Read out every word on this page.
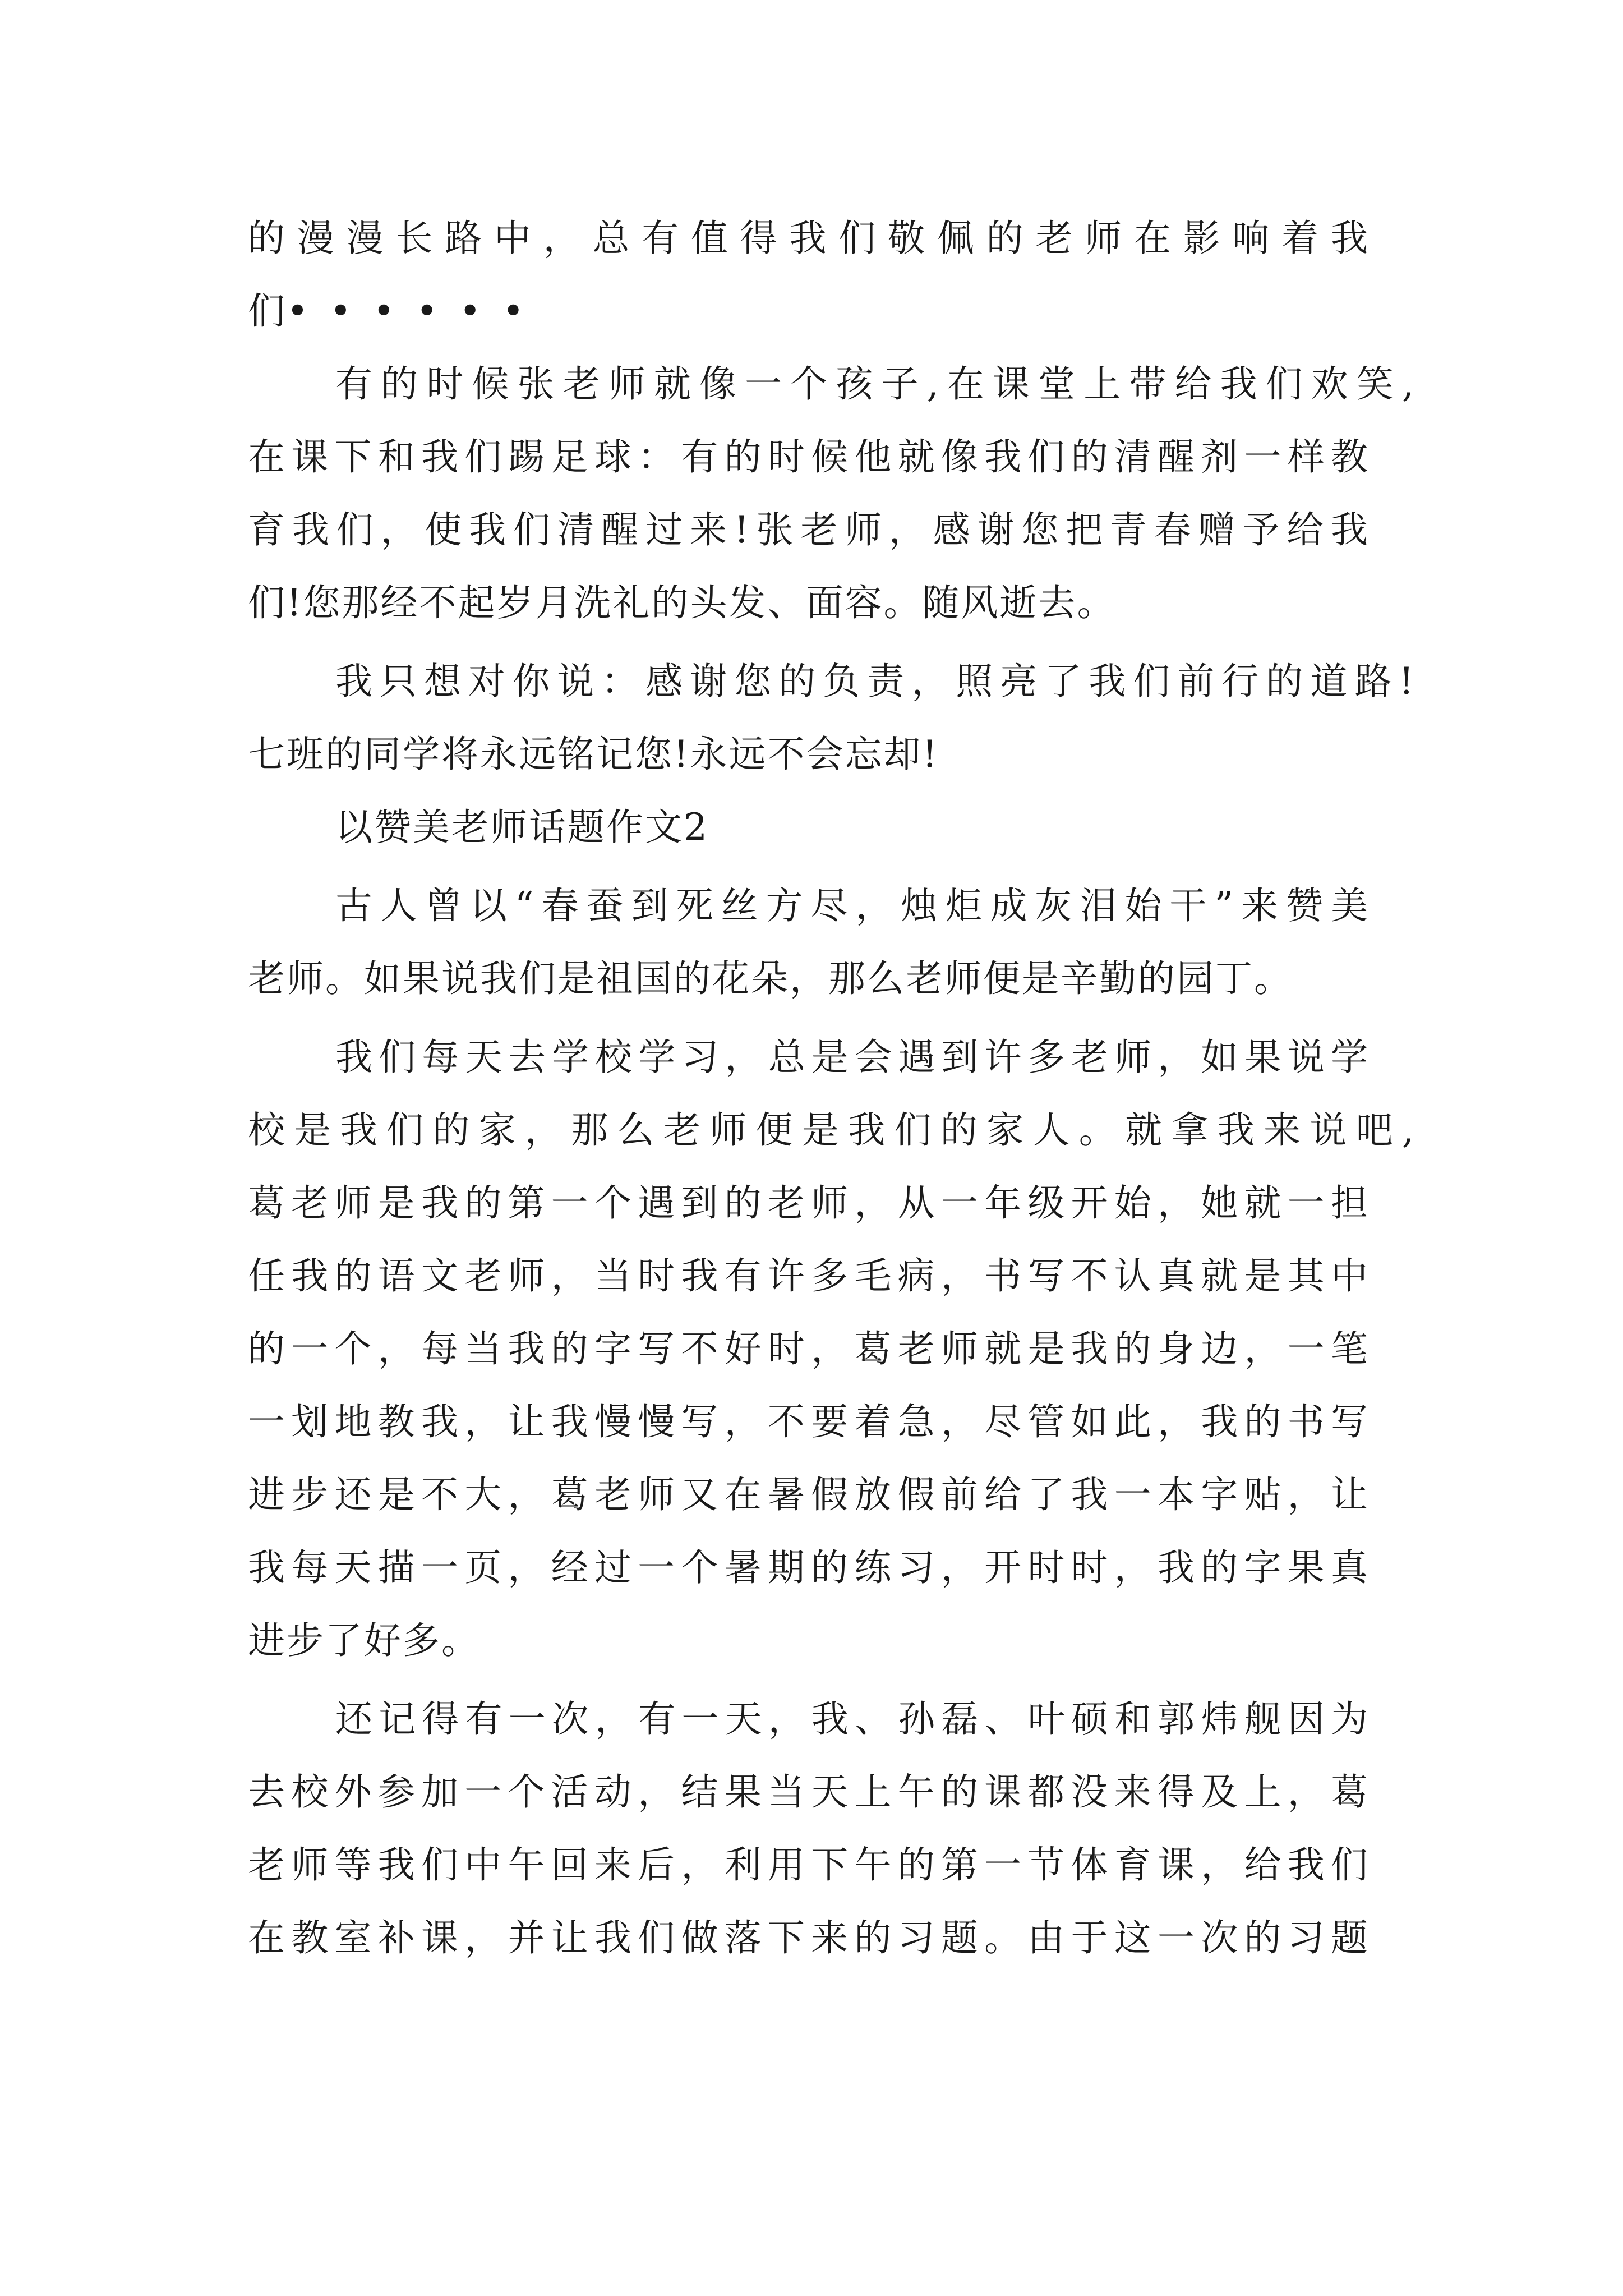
的漫漫长路中，总有值得我们敬佩的老师在影响着我
们••••••
有的时候张老师就像一个孩子,在课堂上带给我们欢笑,
在课下和我们踢足球：有的时候他就像我们的清醒剂一样教
育我们，使我们清醒过来!张老师，感谢您把青春赠予给我
们!您那经不起岁月洗礼的头发、面容。随风逝去。
我只想对你说：感谢您的负责，照亮了我们前行的道路!
七班的同学将永远铭记您!永远不会忘却!
以赞美老师话题作文2
古人曾以“春蚕到死丝方尽，烛炬成灰泪始干”来赞美
老师。如果说我们是祖国的花朵，那么老师便是辛勤的园丁。
我们每天去学校学习，总是会遇到许多老师，如果说学
校是我们的家，那么老师便是我们的家人。就拿我来说吧,
葛老师是我的第一个遇到的老师，从一年级开始，她就一担
任我的语文老师，当时我有许多毛病，书写不认真就是其中
的一个，每当我的字写不好时，葛老师就是我的身边，一笔
一划地教我，让我慢慢写，不要着急，尽管如此，我的书写
进步还是不大，葛老师又在暑假放假前给了我一本字贴，让
我每天描一页，经过一个暑期的练习，开时时，我的字果真
进步了好多。
还记得有一次，有一天，我、孙磊、叶硕和郭炜舰因为
去校外参加一个活动，结果当天上午的课都没来得及上，葛
老师等我们中午回来后，利用下午的第一节体育课，给我们
在教室补课，并让我们做落下来的习题。由于这一次的习题
